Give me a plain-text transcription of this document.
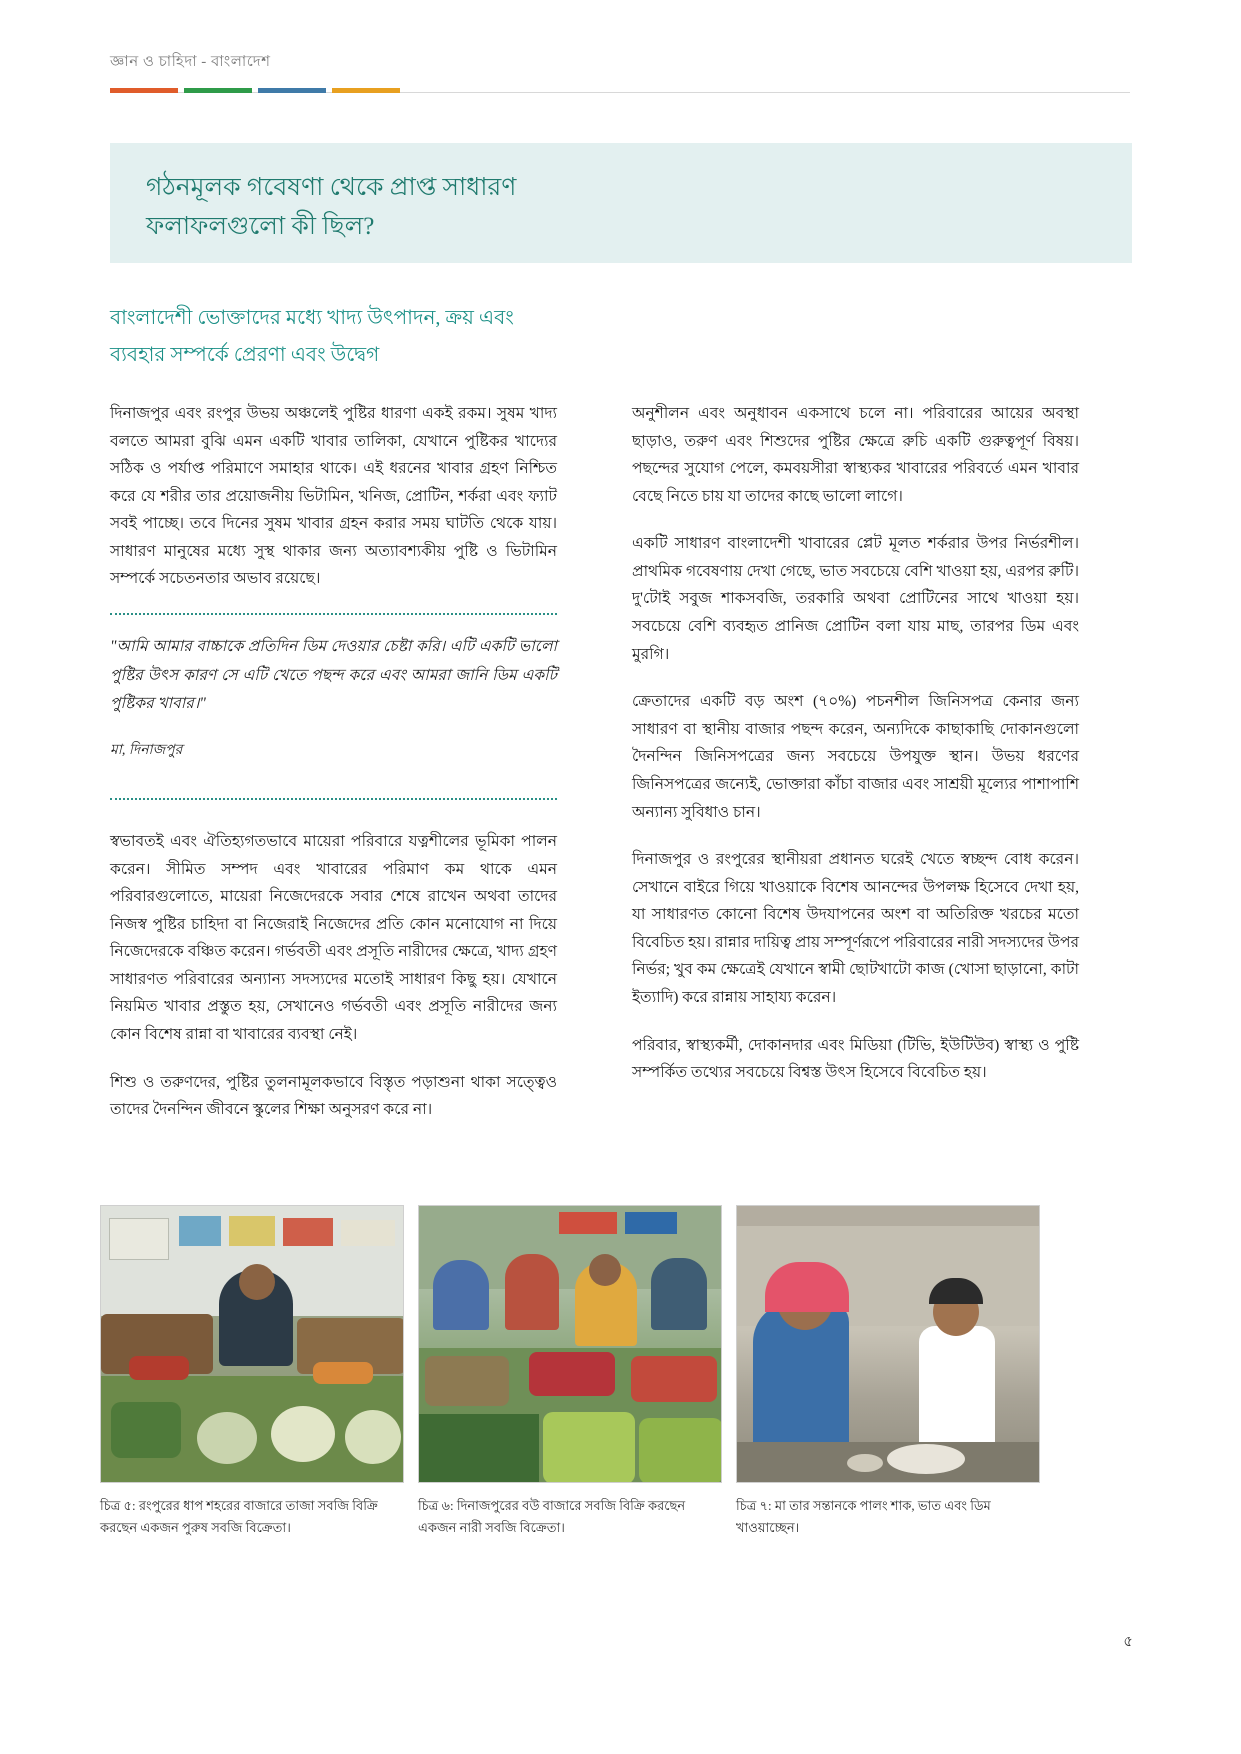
জ্ঞান ও চাহিদা - বাংলাদেশ
গঠনমূলক গবেষণা থেকে প্রাপ্ত সাধারণ
ফলাফলগুলো কী ছিল?
বাংলাদেশী ভোক্তাদের মধ্যে খাদ্য উৎপাদন, ক্রয় এবং
ব্যবহার সম্পর্কে প্রেরণা এবং উদ্বেগ

দিনাজপুর এবং রংপুর উভয় অঞ্চলেই পুষ্টির ধারণা একই রকম। সুষম খাদ্য বলতে আমরা বুঝি এমন একটি খাবার তালিকা, যেখানে পুষ্টিকর খাদ্যের সঠিক ও পর্যাপ্ত পরিমাণে সমাহার থাকে। এই ধরনের খাবার গ্রহণ নিশ্চিত করে যে শরীর তার প্রয়োজনীয় ভিটামিন, খনিজ, প্রোটিন, শর্করা এবং ফ্যাট সবই পাচ্ছে। তবে দিনের সুষম খাবার গ্রহন করার সময় ঘাটতি থেকে যায়। সাধারণ মানুষের মধ্যে সুস্থ থাকার জন্য অত্যাবশ্যকীয় পুষ্টি ও ভিটামিন সম্পর্কে সচেতনতার অভাব রয়েছে।

"আমি আমার বাচ্চাকে প্রতিদিন ডিম দেওয়ার চেষ্টা করি। এটি একটি ভালো পুষ্টির উৎস কারণ সে এটি খেতে পছন্দ করে এবং আমরা জানি ডিম একটি পুষ্টিকর খাবার।"

মা, দিনাজপুর

স্বভাবতই এবং ঐতিহ্যগতভাবে মায়েরা পরিবারে যত্নশীলের ভূমিকা পালন করেন। সীমিত সম্পদ এবং খাবারের পরিমাণ কম থাকে এমন পরিবারগুলোতে, মায়েরা নিজেদেরকে সবার শেষে রাখেন অথবা তাদের নিজস্ব পুষ্টির চাহিদা বা নিজেরাই নিজেদের প্রতি কোন মনোযোগ না দিয়ে নিজেদেরকে বঞ্চিত করেন। গর্ভবতী এবং প্রসূতি নারীদের ক্ষেত্রে, খাদ্য গ্রহণ সাধারণত পরিবারের অন্যান্য সদস্যদের মতোই সাধারণ কিছু হয়। যেখানে নিয়মিত খাবার প্রস্তুত হয়, সেখানেও গর্ভবতী এবং প্রসূতি নারীদের জন্য কোন বিশেষ রান্না বা খাবারের ব্যবস্থা নেই।

শিশু ও তরুণদের, পুষ্টির তুলনামূলকভাবে বিস্তৃত পড়াশুনা থাকা সত্ত্বেও তাদের দৈনন্দিন জীবনে স্কুলের শিক্ষা অনুসরণ করে না।

অনুশীলন এবং অনুধাবন একসাথে চলে না। পরিবারের আয়ের অবস্থা ছাড়াও, তরুণ এবং শিশুদের পুষ্টির ক্ষেত্রে রুচি একটি গুরুত্বপূর্ণ বিষয়। পছন্দের সুযোগ পেলে, কমবয়সীরা স্বাস্থ্যকর খাবারের পরিবর্তে এমন খাবার বেছে নিতে চায় যা তাদের কাছে ভালো লাগে।

একটি সাধারণ বাংলাদেশী খাবারের প্লেট মূলত শর্করার উপর নির্ভরশীল। প্রাথমিক গবেষণায় দেখা গেছে, ভাত সবচেয়ে বেশি খাওয়া হয়, এরপর রুটি। দু'টোই সবুজ শাকসবজি, তরকারি অথবা প্রোটিনের সাথে খাওয়া হয়। সবচেয়ে বেশি ব্যবহৃত প্রানিজ প্রোটিন বলা যায় মাছ, তারপর ডিম এবং মুরগি।

ক্রেতাদের একটি বড় অংশ (৭০%) পচনশীল জিনিসপত্র কেনার জন্য সাধারণ বা স্থানীয় বাজার পছন্দ করেন, অন্যদিকে কাছাকাছি দোকানগুলো দৈনন্দিন জিনিসপত্রের জন্য সবচেয়ে উপযুক্ত স্থান। উভয় ধরণের জিনিসপত্রের জন্যেই, ভোক্তারা কাঁচা বাজার এবং সাশ্রয়ী মূল্যের পাশাপাশি অন্যান্য সুবিধাও চান।

দিনাজপুর ও রংপুরের স্থানীয়রা প্রধানত ঘরেই খেতে স্বচ্ছন্দ বোধ করেন। সেখানে বাইরে গিয়ে খাওয়াকে বিশেষ আনন্দের উপলক্ষ হিসেবে দেখা হয়, যা সাধারণত কোনো বিশেষ উদযাপনের অংশ বা অতিরিক্ত খরচের মতো বিবেচিত হয়। রান্নার দায়িত্ব প্রায় সম্পূর্ণরূপে পরিবারের নারী সদস্যদের উপর নির্ভর; খুব কম ক্ষেত্রেই যেখানে স্বামী ছোটখাটো কাজ (খোসা ছাড়ানো, কাটা ইত্যাদি) করে রান্নায় সাহায্য করেন।

পরিবার, স্বাস্থ্যকর্মী, দোকানদার এবং মিডিয়া (টিভি, ইউটিউব) স্বাস্থ্য ও পুষ্টি সম্পর্কিত তথ্যের সবচেয়ে বিশ্বস্ত উৎস হিসেবে বিবেচিত হয়।

চিত্র ৫: রংপুরের ধাপ শহরের বাজারে তাজা সবজি বিক্রি করছেন একজন পুরুষ সবজি বিক্রেতা।
চিত্র ৬: দিনাজপুরের বউ বাজারে সবজি বিক্রি করছেন একজন নারী সবজি বিক্রেতা।
চিত্র ৭: মা তার সন্তানকে পালং শাক, ভাত এবং ডিম খাওয়াচ্ছেন।
৫
